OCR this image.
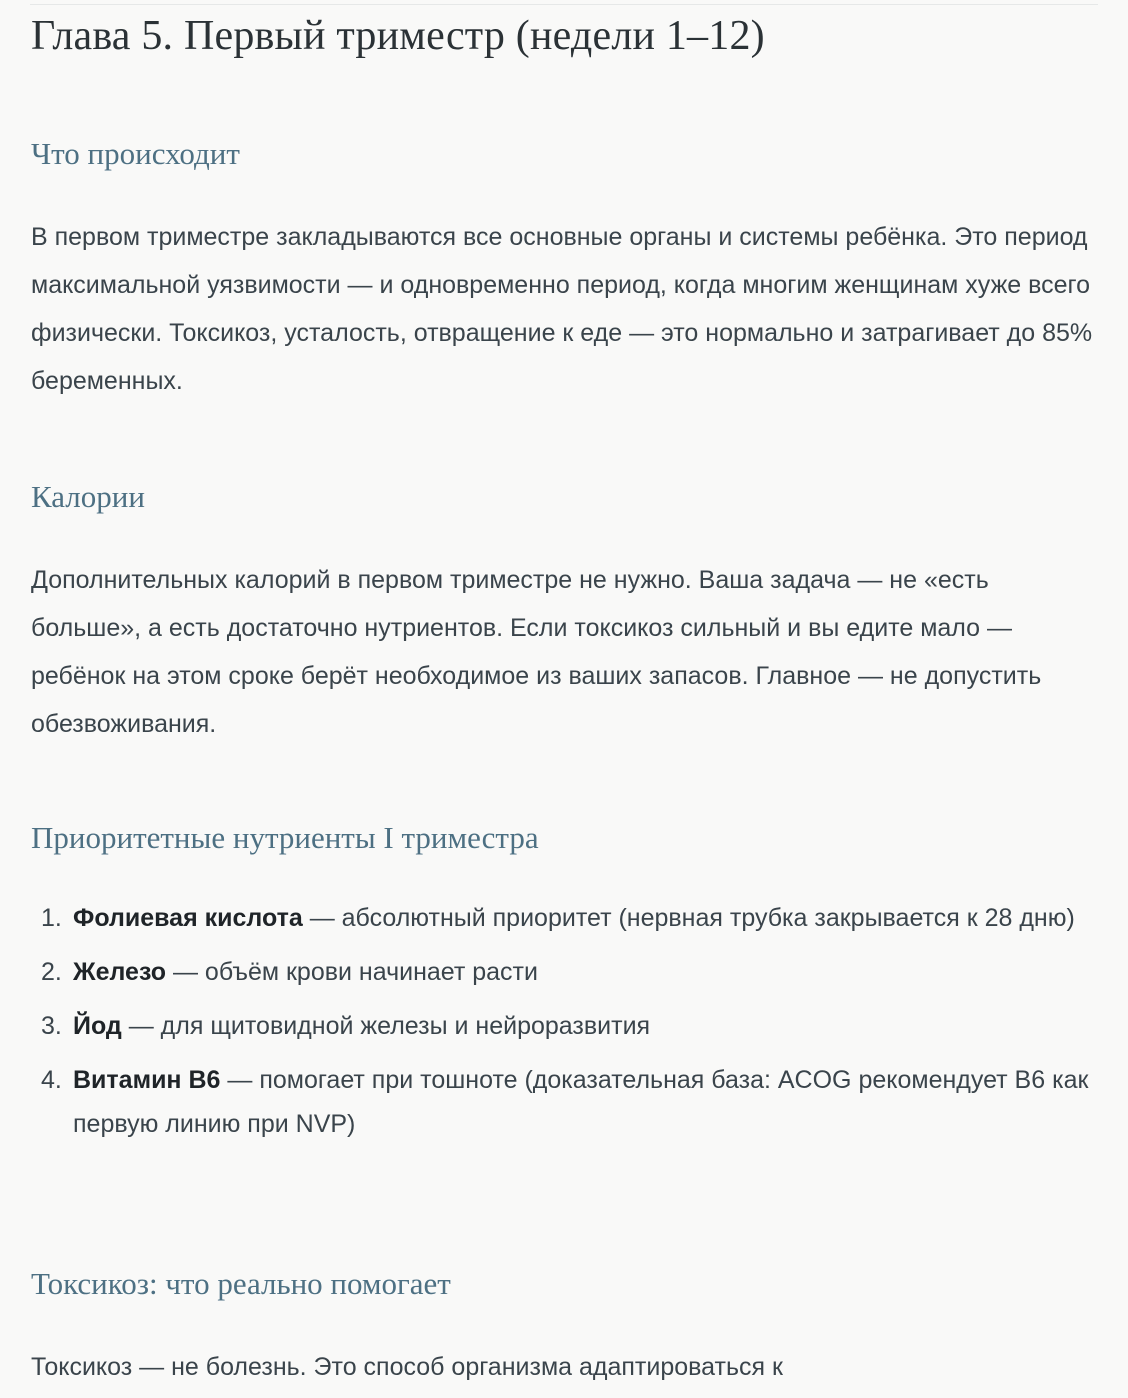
Глава 5. Первый триместр (недели 1–12)
Что происходит

В первом триместре закладываются все основные органы и системы ребёнка. Это период максимальной уязвимости — и одновременно период, когда многим женщинам хуже всего физически. Токсикоз, усталость, отвращение к еде — это нормально и затрагивает до 85% беременных.

Калории

Дополнительных калорий в первом триместре не нужно. Ваша задача — не «есть больше», а есть достаточно нутриентов. Если токсикоз сильный и вы едите мало — ребёнок на этом сроке берёт необходимое из ваших запасов. Главное — не допустить обезвоживания.

Приоритетные нутриенты I триместра
1. Фолиевая кислота — абсолютный приоритет (нервная трубка закрывается к 28 дню)
2. Железо — объём крови начинает расти
3. Йод — для щитовидной железы и нейроразвития
4. Витамин B6 — помогает при тошноте (доказательная база: ACOG рекомендует B6 как первую линию при NVP)
Токсикоз: что реально помогает

Токсикоз — не болезнь. Это способ организма адаптироваться к
